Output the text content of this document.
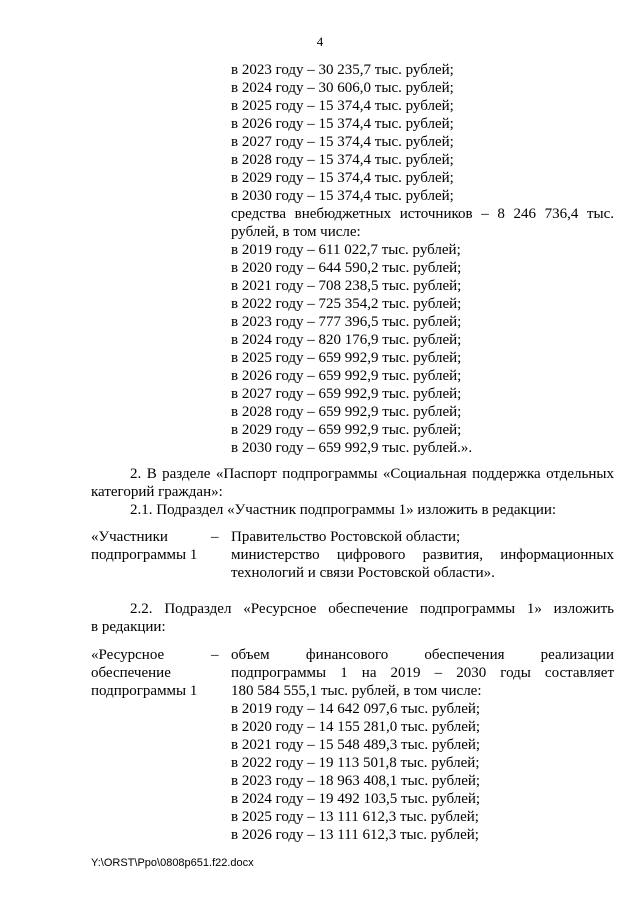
4
в 2023 году – 30 235,7 тыс. рублей;
в 2024 году – 30 606,0 тыс. рублей;
в 2025 году – 15 374,4 тыс. рублей;
в 2026 году – 15 374,4 тыс. рублей;
в 2027 году – 15 374,4 тыс. рублей;
в 2028 году – 15 374,4 тыс. рублей;
в 2029 году – 15 374,4 тыс. рублей;
в 2030 году – 15 374,4 тыс. рублей;
средства внебюджетных источников – 8 246 736,4 тыс.
рублей, в том числе:
в 2019 году – 611 022,7 тыс. рублей;
в 2020 году – 644 590,2 тыс. рублей;
в 2021 году – 708 238,5 тыс. рублей;
в 2022 году – 725 354,2 тыс. рублей;
в 2023 году – 777 396,5 тыс. рублей;
в 2024 году – 820 176,9 тыс. рублей;
в 2025 году – 659 992,9 тыс. рублей;
в 2026 году – 659 992,9 тыс. рублей;
в 2027 году – 659 992,9 тыс. рублей;
в 2028 году – 659 992,9 тыс. рублей;
в 2029 году – 659 992,9 тыс. рублей;
в 2030 году – 659 992,9 тыс. рублей.».
2. В разделе «Паспорт подпрограммы «Социальная поддержка отдельных
категорий граждан»:
2.1. Подраздел «Участник подпрограммы 1» изложить в редакции:
«Участники
подпрограммы 1
– Правительство Ростовской области;
министерство цифрового развития, информационных
технологий и связи Ростовской области».
2.2. Подраздел «Ресурсное обеспечение подпрограммы 1» изложить
в редакции:
«Ресурсное
обеспечение
подпрограммы 1
– объем финансового обеспечения реализации
подпрограммы 1 на 2019 – 2030 годы составляет
180 584 555,1 тыс. рублей, в том числе:
в 2019 году – 14 642 097,6 тыс. рублей;
в 2020 году – 14 155 281,0 тыс. рублей;
в 2021 году – 15 548 489,3 тыс. рублей;
в 2022 году – 19 113 501,8 тыс. рублей;
в 2023 году – 18 963 408,1 тыс. рублей;
в 2024 году – 19 492 103,5 тыс. рублей;
в 2025 году – 13 111 612,3 тыс. рублей;
в 2026 году – 13 111 612,3 тыс. рублей;
Y:\ORST\Ppo\0808p651.f22.docx
